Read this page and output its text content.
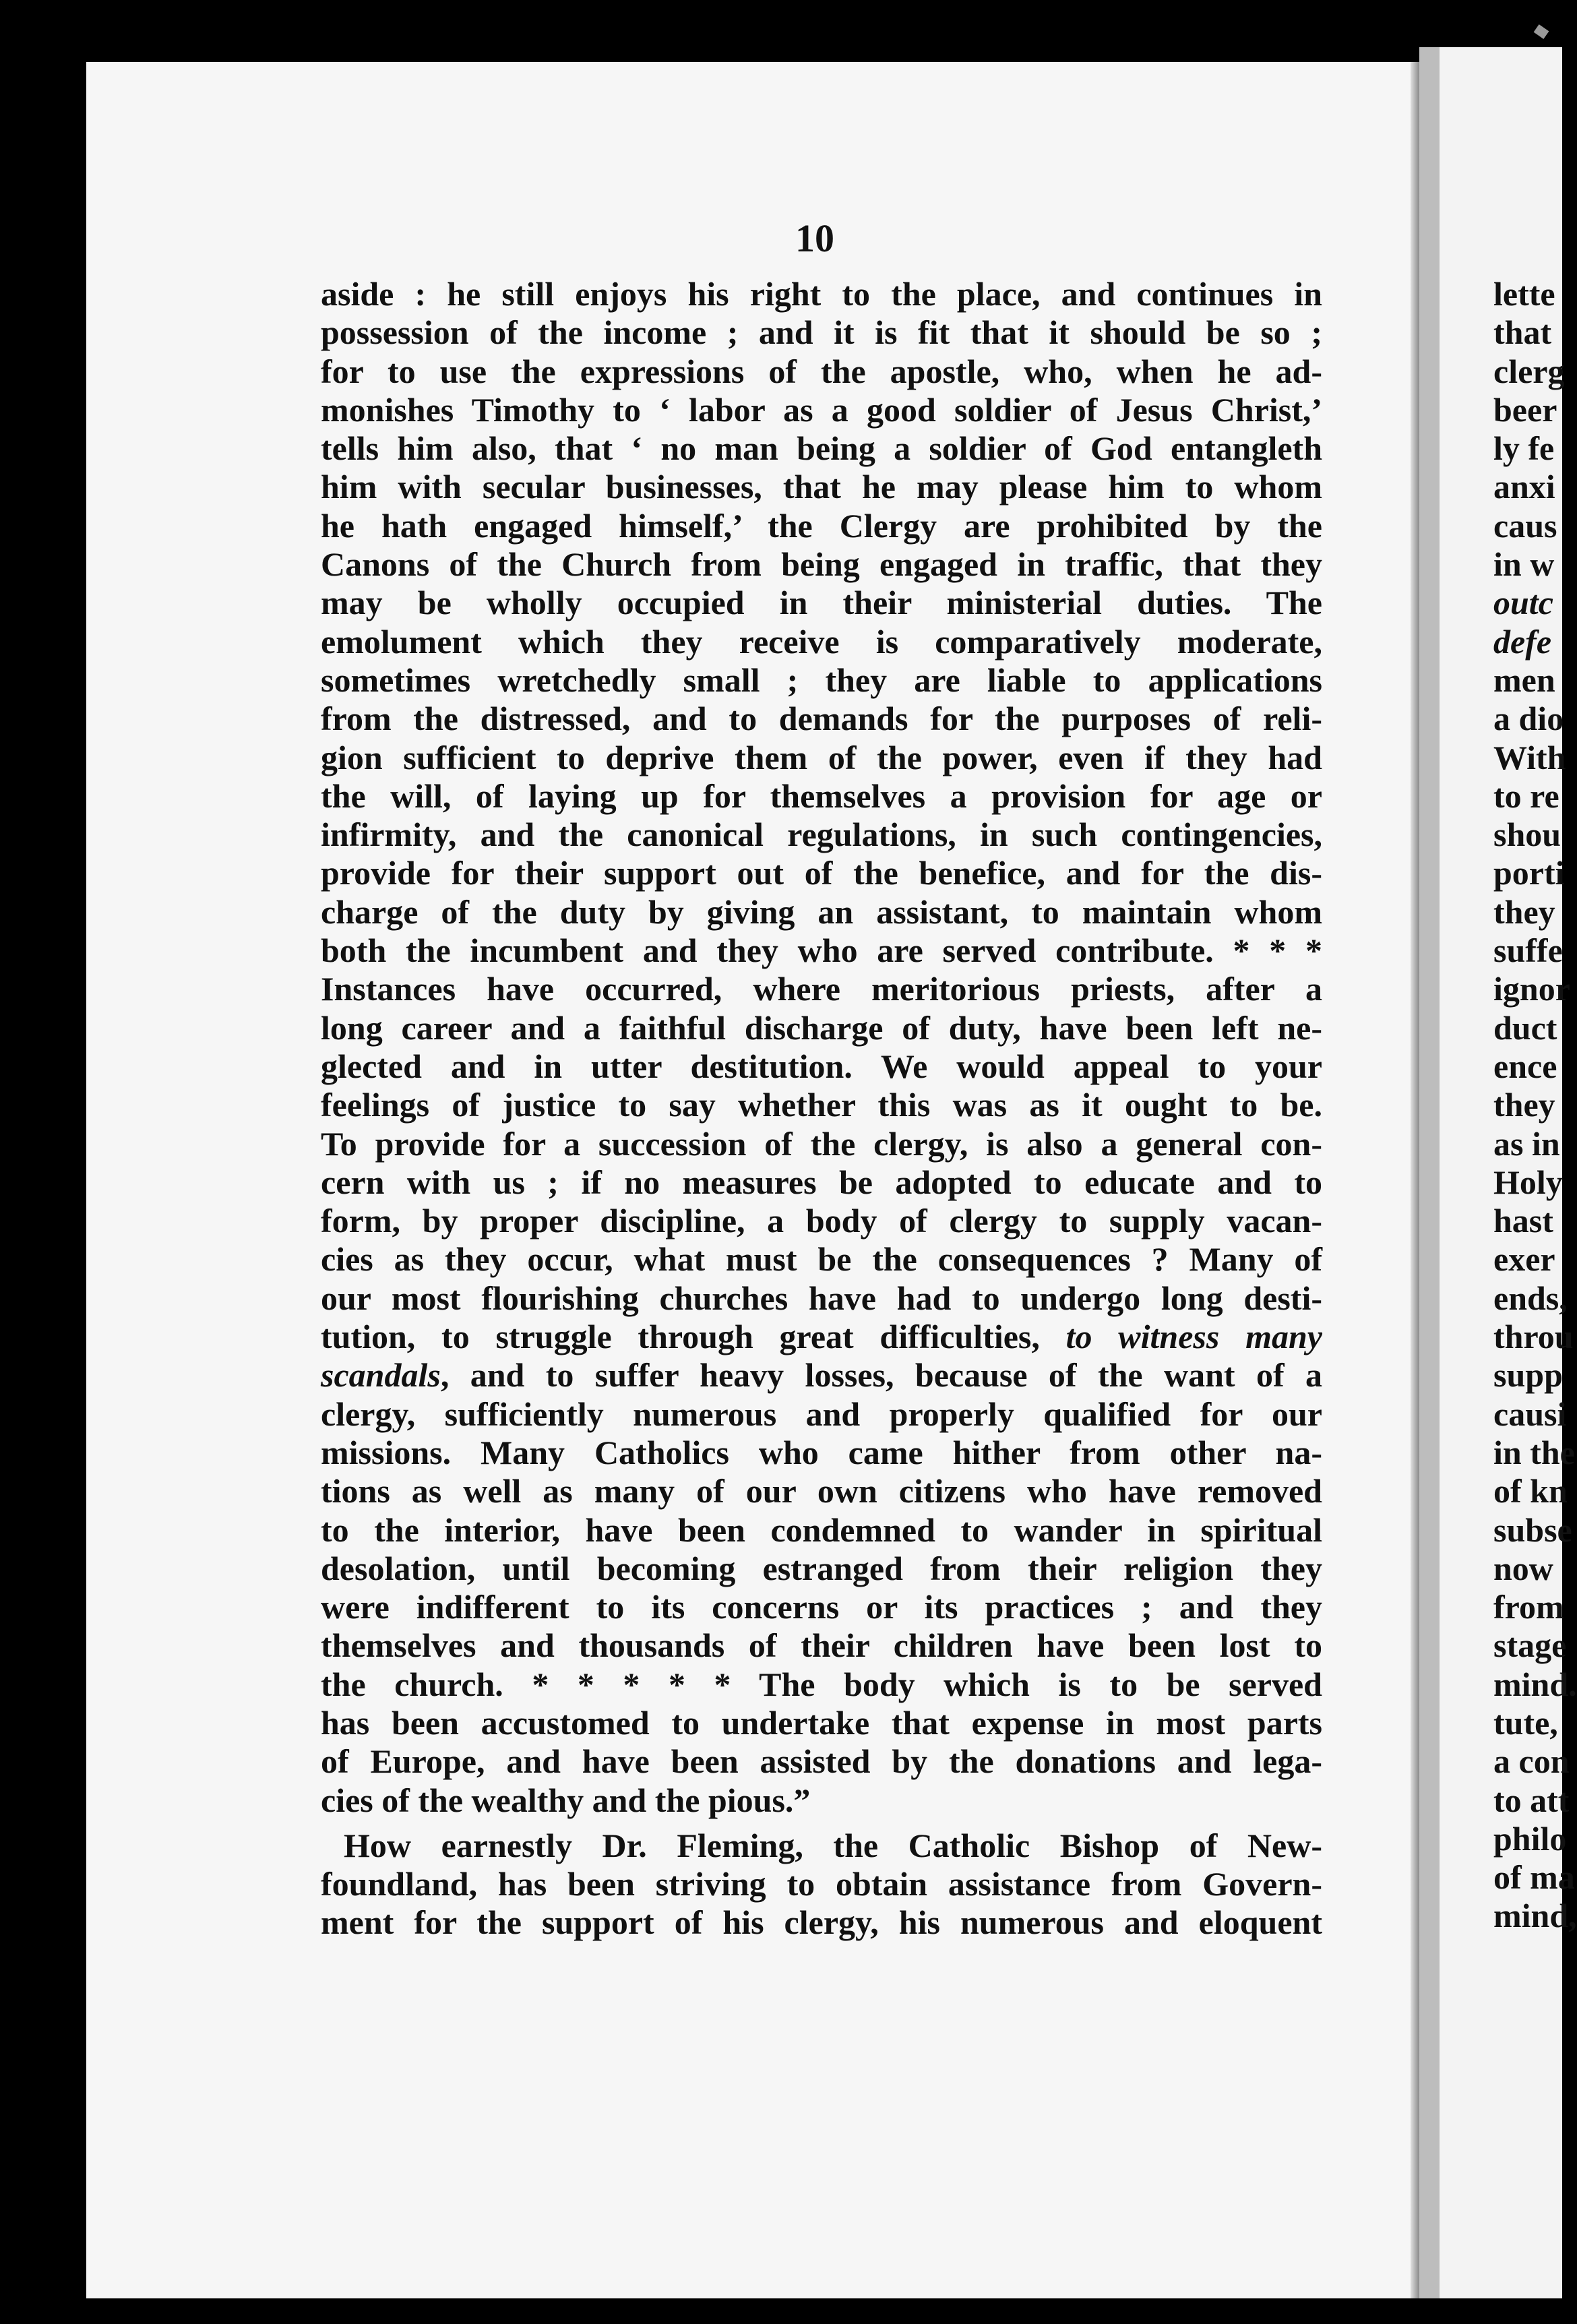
10
aside : he still enjoys his right to the place, and continues in
possession of the income ; and it is fit that it should be so ;
for to use the expressions of the apostle, who, when he ad-
monishes Timothy to ‘ labor as a good soldier of Jesus Christ,’
tells him also, that ‘ no man being a soldier of God entangleth
him with secular businesses, that he may please him to whom
he hath engaged himself,’ the Clergy are prohibited by the
Canons of the Church from being engaged in traffic, that they
may be wholly occupied in their ministerial duties. The
emolument which they receive is comparatively moderate,
sometimes wretchedly small ; they are liable to applications
from the distressed, and to demands for the purposes of reli-
gion sufficient to deprive them of the power, even if they had
the will, of laying up for themselves a provision for age or
infirmity, and the canonical regulations, in such contingencies,
provide for their support out of the benefice, and for the dis-
charge of the duty by giving an assistant, to maintain whom
both the incumbent and they who are served contribute. * * *
Instances have occurred, where meritorious priests, after a
long career and a faithful discharge of duty, have been left ne-
glected and in utter destitution. We would appeal to your
feelings of justice to say whether this was as it ought to be.
To provide for a succession of the clergy, is also a general con-
cern with us ; if no measures be adopted to educate and to
form, by proper discipline, a body of clergy to supply vacan-
cies as they occur, what must be the consequences ? Many of
our most flourishing churches have had to undergo long desti-
tution, to struggle through great difficulties, to witness many
scandals, and to suffer heavy losses, because of the want of a
clergy, sufficiently numerous and properly qualified for our
missions. Many Catholics who came hither from other na-
tions as well as many of our own citizens who have removed
to the interior, have been condemned to wander in spiritual
desolation, until becoming estranged from their religion they
were indifferent to its concerns or its practices ; and they
themselves and thousands of their children have been lost to
the church. * * * * * The body which is to be served
has been accustomed to undertake that expense in most parts
of Europe, and have been assisted by the donations and lega-
cies of the wealthy and the pious.”
How earnestly Dr. Fleming, the Catholic Bishop of New-
foundland, has been striving to obtain assistance from Govern-
ment for the support of his clergy, his numerous and eloquent
lette
that
clerg
beer
ly fe
anxi
caus
in w
outc
defe
men
a dio
With
to re
shou
porti
they
suffe
ignor
duct
ence
they
as in
Holy
hast
exer
ends,
throu
supp
causi
in the
of kn
subse
now
from
stage
mind.
tute,
a con
to att
philo
of ma
mind,
